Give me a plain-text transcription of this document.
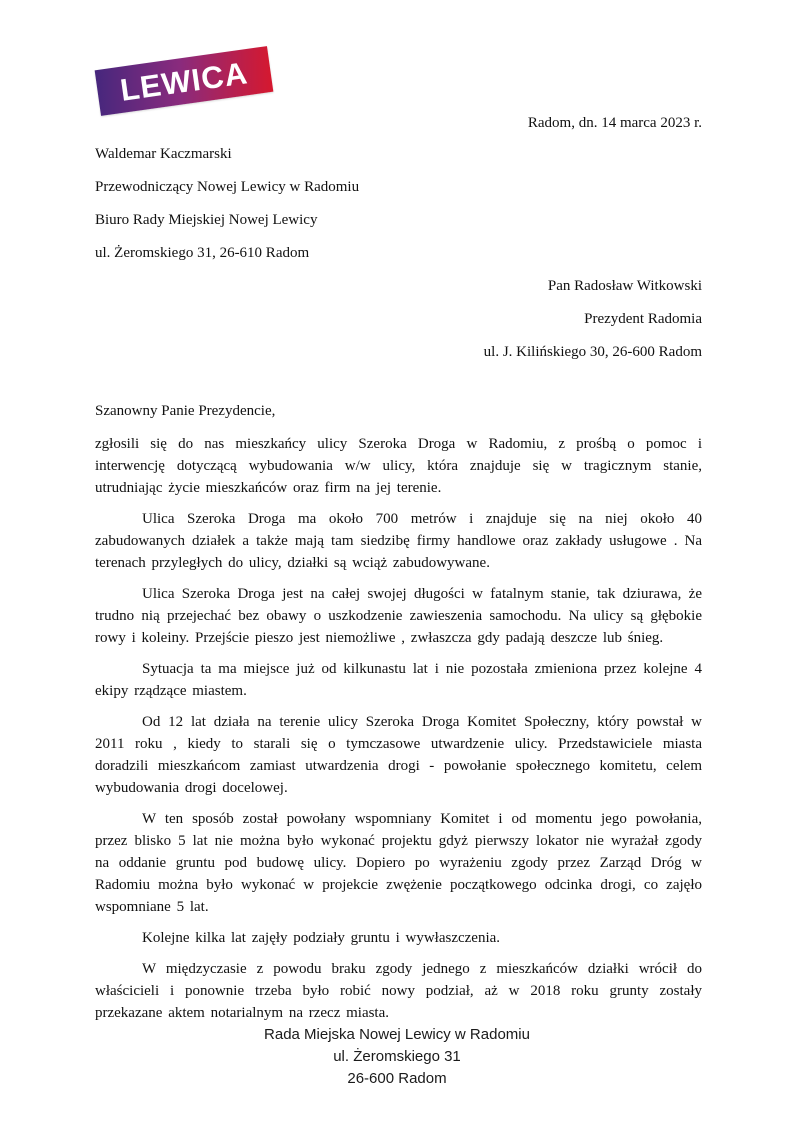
LEWICA

Radom, dn. 14 marca 2023 r.

Waldemar Kaczmarski

Przewodniczący Nowej Lewicy w Radomiu

Biuro Rady Miejskiej Nowej Lewicy

ul. Żeromskiego 31, 26-610 Radom

Pan Radosław Witkowski

Prezydent Radomia

ul. J. Kilińskiego 30, 26-600 Radom

Szanowny Panie Prezydencie,

zgłosili się do nas mieszkańcy ulicy Szeroka Droga w Radomiu, z prośbą o pomoc i interwencję dotyczącą wybudowania w/w ulicy, która znajduje się w tragicznym stanie, utrudniając życie mieszkańców oraz firm na jej terenie.

Ulica Szeroka Droga ma około 700 metrów i znajduje się na niej około 40 zabudowanych działek a także mają tam siedzibę firmy handlowe oraz zakłady usługowe . Na terenach przyległych do ulicy, działki są wciąż zabudowywane.

Ulica Szeroka Droga jest na całej swojej długości w fatalnym stanie, tak dziurawa, że trudno nią przejechać bez obawy o uszkodzenie zawieszenia samochodu. Na ulicy są głębokie rowy i koleiny. Przejście pieszo jest niemożliwe , zwłaszcza gdy padają deszcze lub śnieg.

Sytuacja ta ma miejsce już od kilkunastu lat i nie pozostała zmieniona przez kolejne 4 ekipy rządzące miastem.

Od 12 lat działa na terenie ulicy Szeroka Droga Komitet Społeczny, który powstał w 2011 roku , kiedy to starali się o tymczasowe utwardzenie ulicy. Przedstawiciele miasta doradzili mieszkańcom zamiast utwardzenia drogi - powołanie społecznego komitetu, celem wybudowania drogi docelowej.

W ten sposób został powołany wspomniany Komitet i od momentu jego powołania, przez blisko 5 lat nie można było wykonać projektu gdyż pierwszy lokator nie wyrażał zgody na oddanie gruntu pod budowę ulicy. Dopiero po wyrażeniu zgody przez Zarząd Dróg w Radomiu można było wykonać w projekcie zwężenie początkowego odcinka drogi, co zajęło wspomniane 5 lat.

Kolejne kilka lat zajęły podziały gruntu i wywłaszczenia.

W międzyczasie z powodu braku zgody jednego z mieszkańców działki wrócił do właścicieli i ponownie trzeba było robić nowy podział, aż w 2018 roku grunty zostały przekazane aktem notarialnym na rzecz miasta.

Rada Miejska Nowej Lewicy w Radomiu

ul. Żeromskiego 31

26-600 Radom
